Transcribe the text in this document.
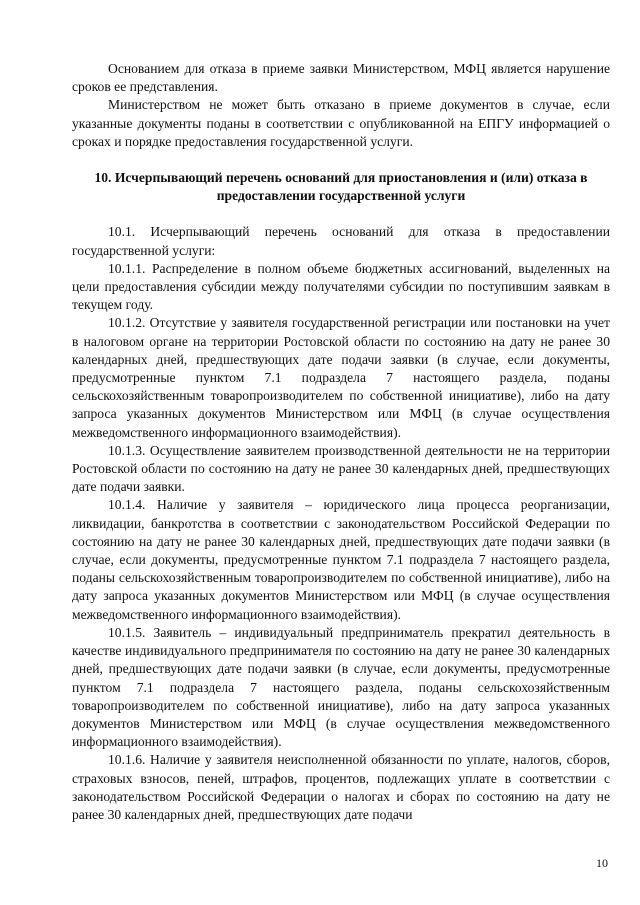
Основанием для отказа в приеме заявки Министерством, МФЦ является нарушение сроков ее представления.

Министерством не может быть отказано в приеме документов в случае, если указанные документы поданы в соответствии с опубликованной на ЕПГУ информацией о сроках и порядке предоставления государственной услуги.

10. Исчерпывающий перечень оснований для приостановления и (или) отказа в предоставлении государственной услуги

10.1. Исчерпывающий перечень оснований для отказа в предоставлении государственной услуги:

10.1.1. Распределение в полном объеме бюджетных ассигнований, выделенных на цели предоставления субсидии между получателями субсидии по поступившим заявкам в текущем году.

10.1.2. Отсутствие у заявителя государственной регистрации или постановки на учет в налоговом органе на территории Ростовской области по состоянию на дату не ранее 30 календарных дней, предшествующих дате подачи заявки (в случае, если документы, предусмотренные пунктом 7.1 подраздела 7 настоящего раздела, поданы сельскохозяйственным товаропроизводителем по собственной инициативе), либо на дату запроса указанных документов Министерством или МФЦ (в случае осуществления межведомственного информационного взаимодействия).

10.1.3. Осуществление заявителем производственной деятельности не на территории Ростовской области по состоянию на дату не ранее 30 календарных дней, предшествующих дате подачи заявки.

10.1.4. Наличие у заявителя – юридического лица процесса реорганизации, ликвидации, банкротства в соответствии с законодательством Российской Федерации по состоянию на дату не ранее 30 календарных дней, предшествующих дате подачи заявки (в случае, если документы, предусмотренные пунктом 7.1 подраздела 7 настоящего раздела, поданы сельскохозяйственным товаропроизводителем по собственной инициативе), либо на дату запроса указанных документов Министерством или МФЦ (в случае осуществления межведомственного информационного взаимодействия).

10.1.5. Заявитель – индивидуальный предприниматель прекратил деятельность в качестве индивидуального предпринимателя по состоянию на дату не ранее 30 календарных дней, предшествующих дате подачи заявки (в случае, если документы, предусмотренные пунктом 7.1 подраздела 7 настоящего раздела, поданы сельскохозяйственным товаропроизводителем по собственной инициативе), либо на дату запроса указанных документов Министерством или МФЦ (в случае осуществления межведомственного информационного взаимодействия).

10.1.6. Наличие у заявителя неисполненной обязанности по уплате, налогов, сборов, страховых взносов, пеней, штрафов, процентов, подлежащих уплате в соответствии с законодательством Российской Федерации о налогах и сборах по состоянию на дату не ранее 30 календарных дней, предшествующих дате подачи

10
